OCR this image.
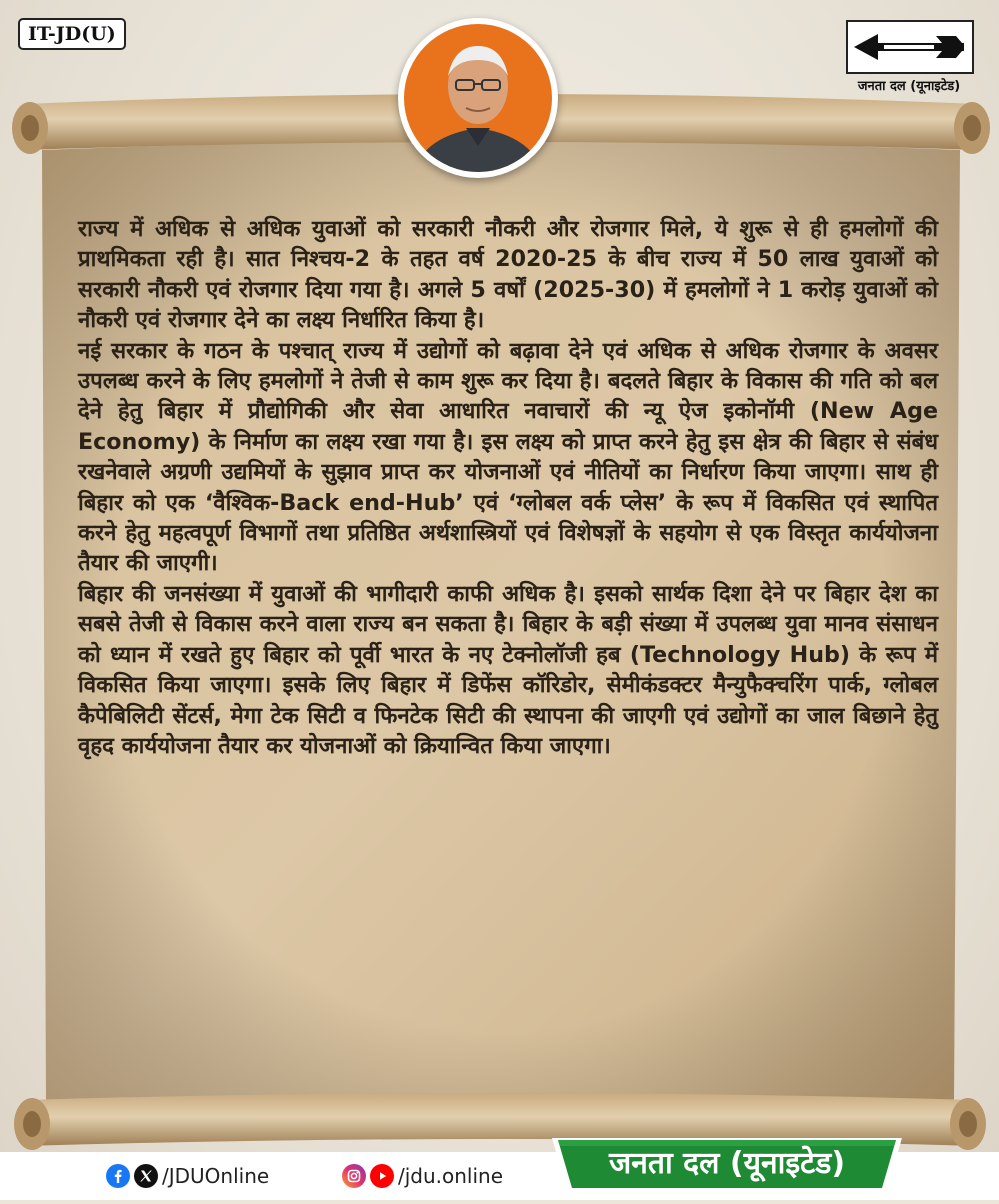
IT-JD(U)
जनता दल (यूनाइटेड)

राज्य में अधिक से अधिक युवाओं को सरकारी नौकरी और रोजगार मिले, ये शुरू से ही हमलोगों की प्राथमिकता रही है। सात निश्चय-2 के तहत वर्ष 2020-25 के बीच राज्य में 50 लाख युवाओं को सरकारी नौकरी एवं रोजगार दिया गया है। अगले 5 वर्षों (2025-30) में हमलोगों ने 1 करोड़ युवाओं को नौकरी एवं रोजगार देने का लक्ष्य निर्धारित किया है।

नई सरकार के गठन के पश्चात् राज्य में उद्योगों को बढ़ावा देने एवं अधिक से अधिक रोजगार के अवसर उपलब्ध करने के लिए हमलोगों ने तेजी से काम शुरू कर दिया है। बदलते बिहार के विकास की गति को बल देने हेतु बिहार में प्रौद्योगिकी और सेवा आधारित नवाचारों की न्यू ऐज इकोनॉमी (New Age Economy) के निर्माण का लक्ष्य रखा गया है। इस लक्ष्य को प्राप्त करने हेतु इस क्षेत्र की बिहार से संबंध रखनेवाले अग्रणी उद्यमियों के सुझाव प्राप्त कर योजनाओं एवं नीतियों का निर्धारण किया जाएगा। साथ ही बिहार को एक ‘वैश्विक-Back end-Hub’ एवं ‘ग्लोबल वर्क प्लेस’ के रूप में विकसित एवं स्थापित करने हेतु महत्वपूर्ण विभागों तथा प्रतिष्ठित अर्थशास्त्रियों एवं विशेषज्ञों के सहयोग से एक विस्तृत कार्ययोजना तैयार की जाएगी।

बिहार की जनसंख्या में युवाओं की भागीदारी काफी अधिक है। इसको सार्थक दिशा देने पर बिहार देश का सबसे तेजी से विकास करने वाला राज्य बन सकता है। बिहार के बड़ी संख्या में उपलब्ध युवा मानव संसाधन को ध्यान में रखते हुए बिहार को पूर्वी भारत के नए टेक्नोलॉजी हब (Technology Hub) के रूप में विकसित किया जाएगा। इसके लिए बिहार में डिफेंस कॉरिडोर, सेमीकंडक्टर मैन्युफैक्चरिंग पार्क, ग्लोबल कैपेबिलिटी सेंटर्स, मेगा टेक सिटी व फिनटेक सिटी की स्थापना की जाएगी एवं उद्योगों का जाल बिछाने हेतु वृहद कार्ययोजना तैयार कर योजनाओं को क्रियान्वित किया जाएगा।

/JDUOnline	/jdu.online	जनता दल (यूनाइटेड)
